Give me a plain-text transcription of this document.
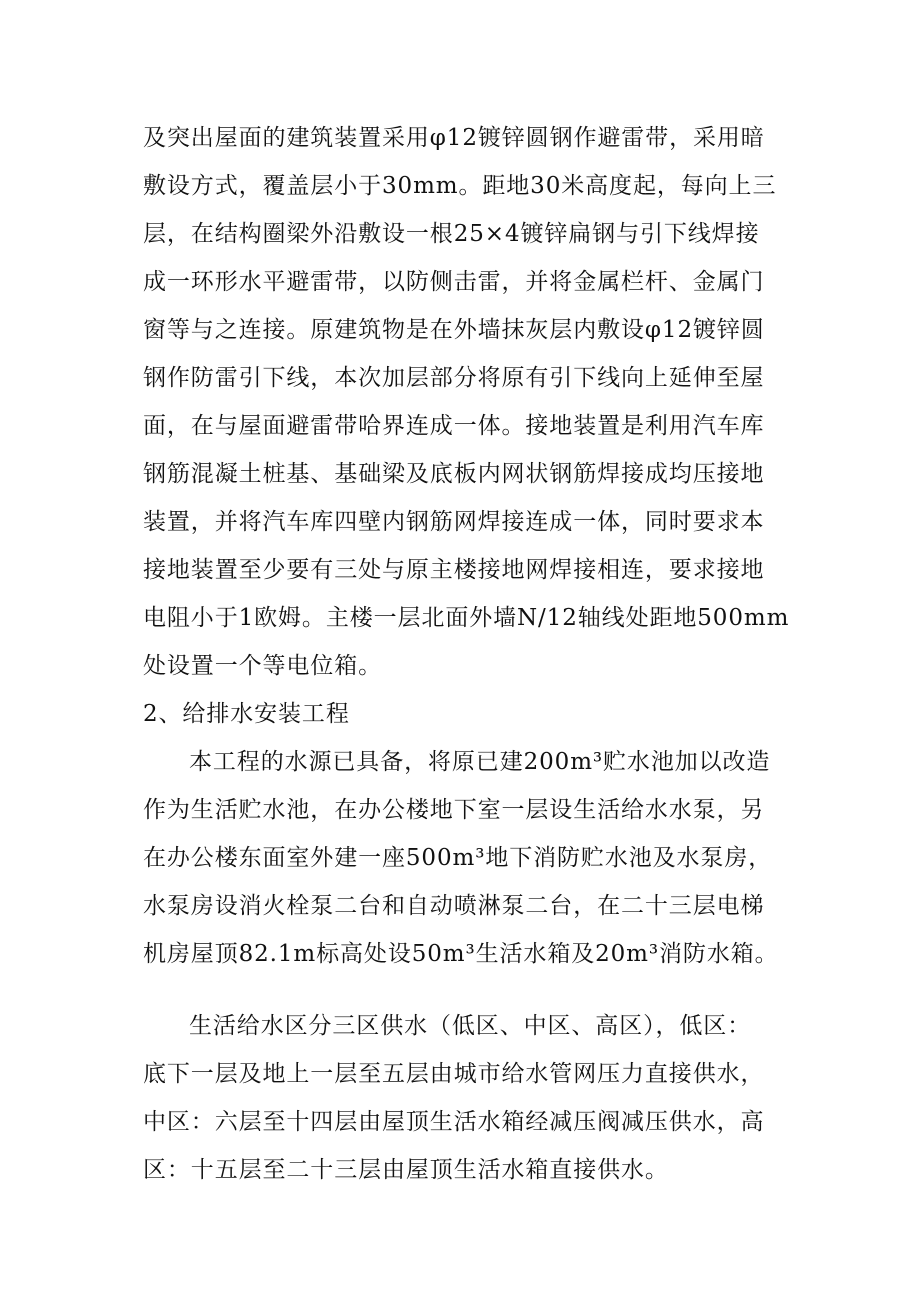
及突出屋面的建筑装置采用φ12镀锌圆钢作避雷带，采用暗
敷设方式，覆盖层小于30mm。距地30米高度起，每向上三
层，在结构圈梁外沿敷设一根25×4镀锌扁钢与引下线焊接
成一环形水平避雷带，以防侧击雷，并将金属栏杆、金属门
窗等与之连接。原建筑物是在外墙抹灰层内敷设φ12镀锌圆
钢作防雷引下线，本次加层部分将原有引下线向上延伸至屋
面，在与屋面避雷带哈界连成一体。接地装置是利用汽车库
钢筋混凝土桩基、基础梁及底板内网状钢筋焊接成均压接地
装置，并将汽车库四壁内钢筋网焊接连成一体，同时要求本
接地装置至少要有三处与原主楼接地网焊接相连，要求接地
电阻小于1欧姆。主楼一层北面外墙N/12轴线处距地500mm
处设置一个等电位箱。
2、给排水安装工程
本工程的水源已具备，将原已建200m³贮水池加以改造
作为生活贮水池，在办公楼地下室一层设生活给水水泵，另
在办公楼东面室外建一座500m³地下消防贮水池及水泵房，
水泵房设消火栓泵二台和自动喷淋泵二台，在二十三层电梯
机房屋顶82.1m标高处设50m³生活水箱及20m³消防水箱。
生活给水区分三区供水（低区、中区、高区），低区：
底下一层及地上一层至五层由城市给水管网压力直接供水，
中区：六层至十四层由屋顶生活水箱经减压阀减压供水，高
区：十五层至二十三层由屋顶生活水箱直接供水。
